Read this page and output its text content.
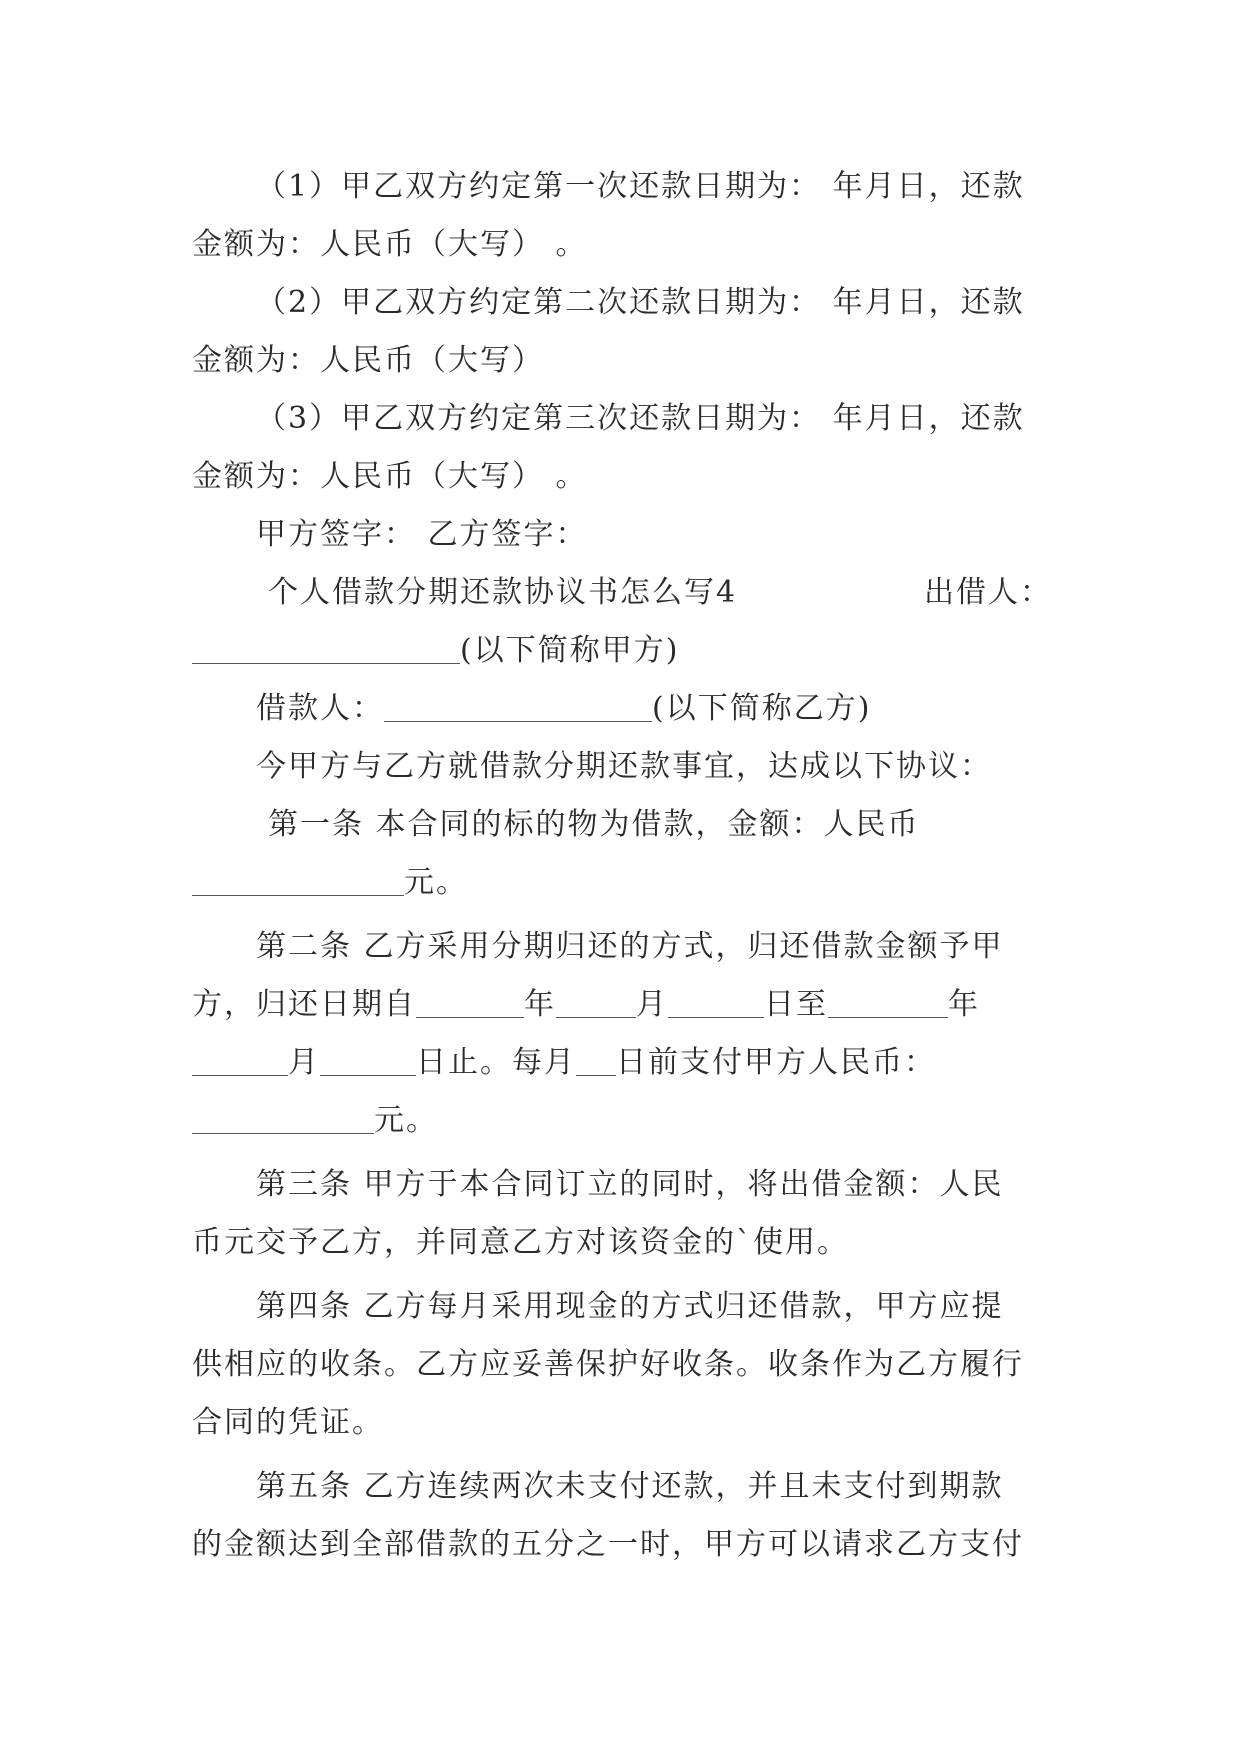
（1）甲乙双方约定第一次还款日期为： 年月日，还款
金额为：人民币（大写） 。
（2）甲乙双方约定第二次还款日期为： 年月日，还款
金额为：人民币（大写）
（3）甲乙双方约定第三次还款日期为： 年月日，还款
金额为：人民币（大写） 。
甲方签字： 乙方签字：
个人借款分期还款协议书怎么写4	出借人：
(以下简称甲方)
借款人：	(以下简称乙方)
今甲方与乙方就借款分期还款事宜，达成以下协议：
第一条 本合同的标的物为借款，金额：人民币
元。
第二条 乙方采用分期归还的方式，归还借款金额予甲
方，归还日期自	年	月	日至	年
月	日止。每月 日前支付甲方人民币：
元。
第三条 甲方于本合同订立的同时，将出借金额：人民
币元交予乙方，并同意乙方对该资金的`使用。
第四条 乙方每月采用现金的方式归还借款，甲方应提
供相应的收条。乙方应妥善保护好收条。收条作为乙方履行
合同的凭证。
第五条 乙方连续两次未支付还款，并且未支付到期款
的金额达到全部借款的五分之一时，甲方可以请求乙方支付
